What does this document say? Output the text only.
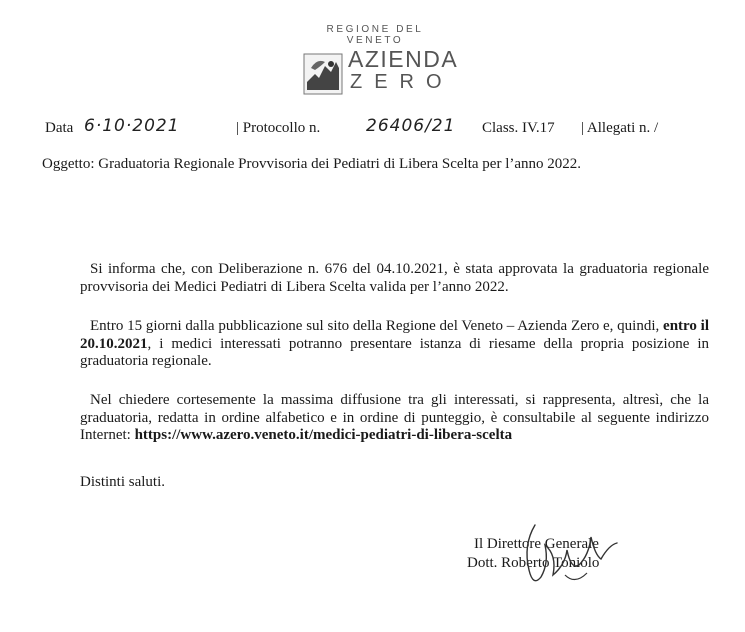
REGIONE DEL VENETO
AZIENDA
ZERO
Data 6·10·2021	| Protocollo n.	26406/21 Class. IV.17 | Allegati n. /
Oggetto: Graduatoria Regionale Provvisoria dei Pediatri di Libera Scelta per l’anno 2022.

Si informa che, con Deliberazione n. 676 del 04.10.2021, è stata approvata la graduatoria regionale provvisoria dei Medici Pediatri di Libera Scelta valida per l’anno 2022.

Entro 15 giorni dalla pubblicazione sul sito della Regione del Veneto – Azienda Zero e, quindi, entro il 20.10.2021, i medici interessati potranno presentare istanza di riesame della propria posizione in graduatoria regionale.

Nel chiedere cortesemente la massima diffusione tra gli interessati, si rappresenta, altresì, che la graduatoria, redatta in ordine alfabetico e in ordine di punteggio, è consultabile al seguente indirizzo Internet: https://www.azero.veneto.it/medici-pediatri-di-libera-scelta

Distinti saluti.
Il Direttore Generale
Dott. Roberto Toniolo
